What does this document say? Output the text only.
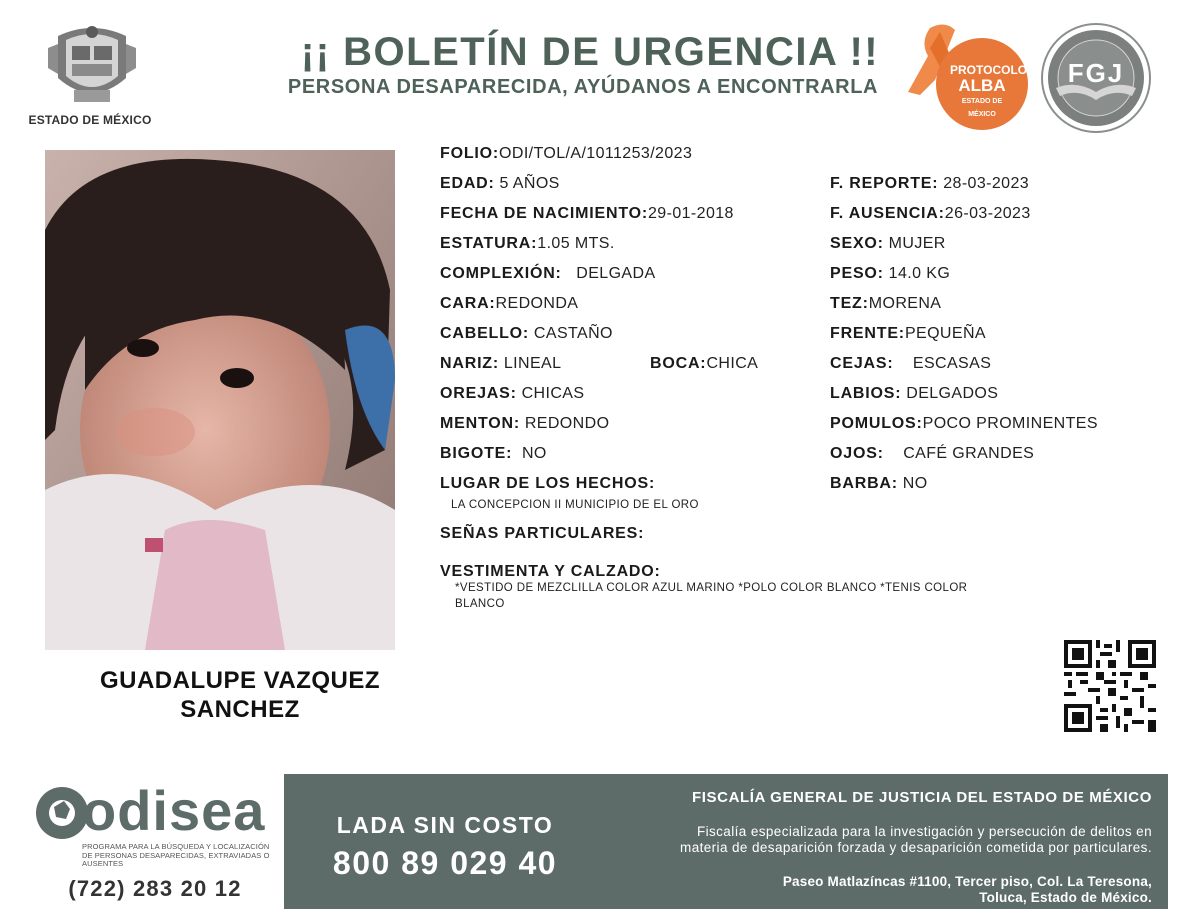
ESTADO DE MÉXICO
¡¡ BOLETÍN DE URGENCIA !!
PERSONA DESAPARECIDA, AYÚDANOS A ENCONTRARLA
PROTOCOLO
ALBA
ESTADO DE MÉXICO
FGJ
GUADALUPE VAZQUEZ
SANCHEZ
FOLIO:ODI/TOL/A/1011253/2023
EDAD: 5 AÑOS
FECHA DE NACIMIENTO:29-01-2018
ESTATURA:1.05 MTS.
COMPLEXIÓN: DELGADA
CARA:REDONDA
CABELLO: CASTAÑO
NARIZ: LINEAL	BOCA:CHICA
OREJAS: CHICAS
MENTON: REDONDO
BIGOTE: NO
LUGAR DE LOS HECHOS:
LA CONCEPCION II MUNICIPIO DE EL ORO
SEÑAS PARTICULARES:
VESTIMENTA Y CALZADO:
*VESTIDO DE MEZCLILLA COLOR AZUL MARINO *POLO COLOR BLANCO *TENIS COLOR
BLANCO
F. REPORTE: 28-03-2023
F. AUSENCIA:26-03-2023
SEXO: MUJER
PESO: 14.0 KG
TEZ:MORENA
FRENTE:PEQUEÑA
CEJAS: ESCASAS
LABIOS: DELGADOS
POMULOS:POCO PROMINENTES
OJOS: CAFÉ GRANDES
BARBA: NO
odisea
PROGRAMA PARA LA BÚSQUEDA Y LOCALIZACIÓN DE PERSONAS DESAPARECIDAS, EXTRAVIADAS O AUSENTES
(722) 283 20 12
LADA SIN COSTO
800 89 029 40
FISCALÍA GENERAL DE JUSTICIA DEL ESTADO DE MÉXICO
Fiscalía especializada para la investigación y persecución de delitos en
materia de desaparición forzada y desaparición cometida por particulares.
Paseo Matlazíncas #1100, Tercer piso, Col. La Teresona,
Toluca, Estado de México.
